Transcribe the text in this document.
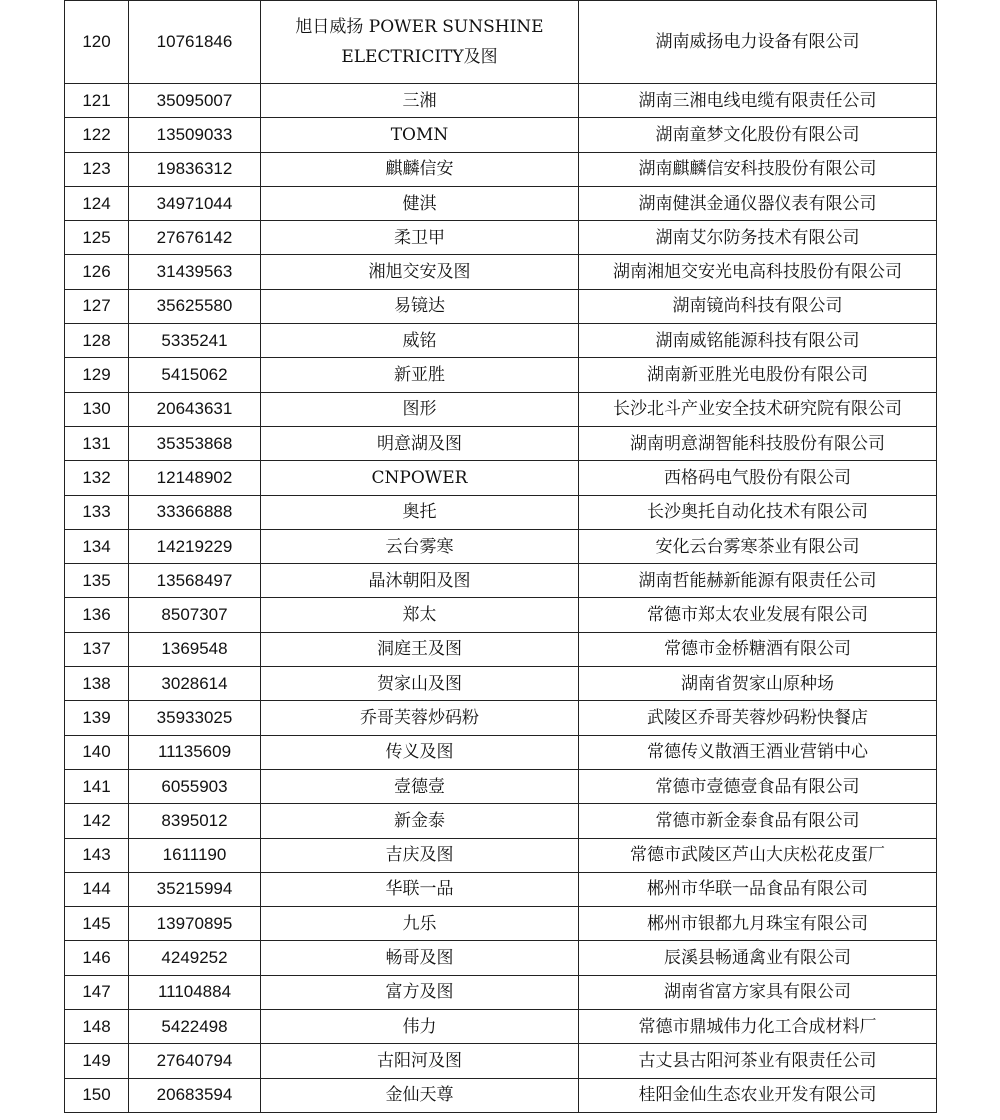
120	10761846	旭日威扬 POWER SUNSHINE ELECTRICITY及图	湖南威扬电力设备有限公司
121	35095007	三湘	湖南三湘电线电缆有限责任公司
122	13509033	TOMN	湖南童梦文化股份有限公司
123	19836312	麒麟信安	湖南麒麟信安科技股份有限公司
124	34971044	健淇	湖南健淇金通仪器仪表有限公司
125	27676142	柔卫甲	湖南艾尔防务技术有限公司
126	31439563	湘旭交安及图	湖南湘旭交安光电高科技股份有限公司
127	35625580	易镜达	湖南镜尚科技有限公司
128	5335241	威铭	湖南威铭能源科技有限公司
129	5415062	新亚胜	湖南新亚胜光电股份有限公司
130	20643631	图形	长沙北斗产业安全技术研究院有限公司
131	35353868	明意湖及图	湖南明意湖智能科技股份有限公司
132	12148902	CNPOWER	西格码电气股份有限公司
133	33366888	奥托	长沙奥托自动化技术有限公司
134	14219229	云台雾寒	安化云台雾寒茶业有限公司
135	13568497	晶沐朝阳及图	湖南哲能赫新能源有限责任公司
136	8507307	郑太	常德市郑太农业发展有限公司
137	1369548	洞庭王及图	常德市金桥糖酒有限公司
138	3028614	贺家山及图	湖南省贺家山原种场
139	35933025	乔哥芙蓉炒码粉	武陵区乔哥芙蓉炒码粉快餐店
140	11135609	传义及图	常德传义散酒王酒业营销中心
141	6055903	壹德壹	常德市壹德壹食品有限公司
142	8395012	新金泰	常德市新金泰食品有限公司
143	1611190	吉庆及图	常德市武陵区芦山大庆松花皮蛋厂
144	35215994	华联一品	郴州市华联一品食品有限公司
145	13970895	九乐	郴州市银都九月珠宝有限公司
146	4249252	畅哥及图	辰溪县畅通禽业有限公司
147	11104884	富方及图	湖南省富方家具有限公司
148	5422498	伟力	常德市鼎城伟力化工合成材料厂
149	27640794	古阳河及图	古丈县古阳河茶业有限责任公司
150	20683594	金仙天尊	桂阳金仙生态农业开发有限公司
